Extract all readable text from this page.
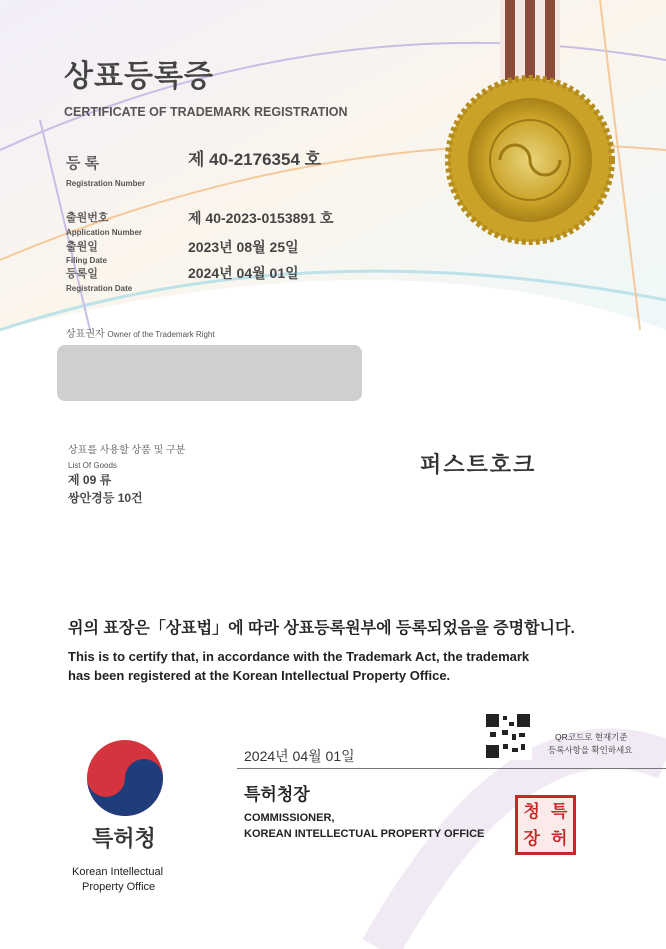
상표등록증
CERTIFICATE OF TRADEMARK REGISTRATION
등 록
Registration Number
제 40-2176354 호
출원번호
Application Number
제 40-2023-0153891 호
출원일
Filing Date
2023년 08월 25일
등록일
Registration Date
2024년 04월 01일
상표권자 Owner of the Trademark Right
상표를 사용할 상품 및 구분
List Of Goods
제 09 류
쌍안경등 10건
퍼스트호크
위의 표장은「상표법」에 따라 상표등록원부에 등록되었음을 증명합니다.
This is to certify that, in accordance with the Trademark Act, the trademark
has been registered at the Korean Intellectual Property Office.
QR코드로 현재기준
등록사항을 확인하세요
2024년 04월 01일
특허청장
COMMISSIONER,
KOREAN INTELLECTUAL PROPERTY OFFICE
청 특
장 허
특허청
Korean Intellectual
Property Office
